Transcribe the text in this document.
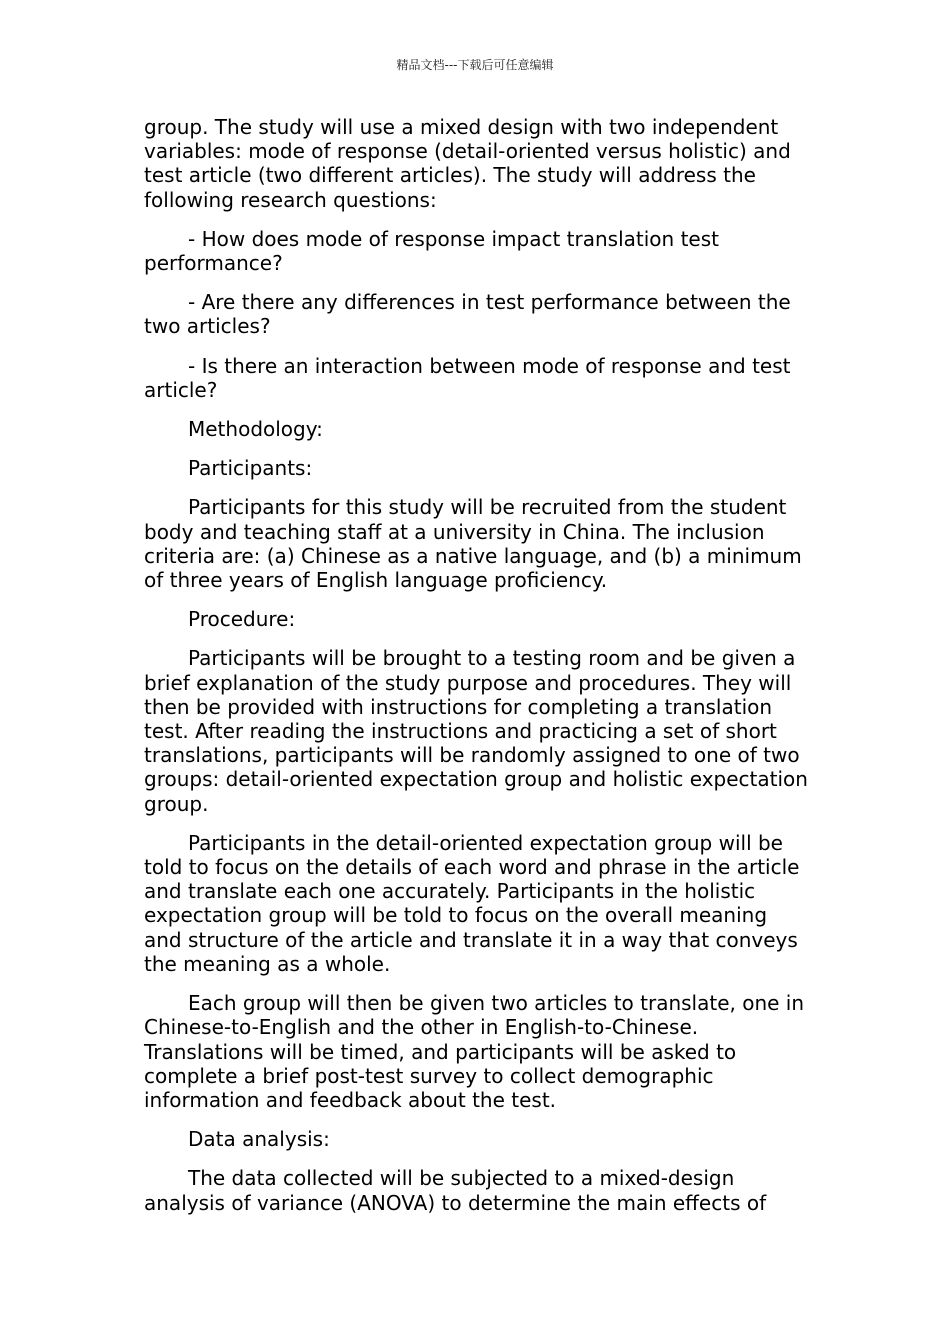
精品文档---下载后可任意编辑

group. The study will use a mixed design with two independent variables: mode of response (detail-oriented versus holistic) and test article (two different articles). The study will address the following research questions:

- How does mode of response impact translation test performance?

- Are there any differences in test performance between the two articles?

- Is there an interaction between mode of response and test article?

Methodology:

Participants:

Participants for this study will be recruited from the student body and teaching staff at a university in China. The inclusion criteria are: (a) Chinese as a native language, and (b) a minimum of three years of English language proficiency.

Procedure:

Participants will be brought to a testing room and be given a brief explanation of the study purpose and procedures. They will then be provided with instructions for completing a translation test. After reading the instructions and practicing a set of short translations, participants will be randomly assigned to one of two groups: detail-oriented expectation group and holistic expectation group.

Participants in the detail-oriented expectation group will be told to focus on the details of each word and phrase in the article and translate each one accurately. Participants in the holistic expectation group will be told to focus on the overall meaning and structure of the article and translate it in a way that conveys the meaning as a whole.

Each group will then be given two articles to translate, one in Chinese-to-English and the other in English-to-Chinese. Translations will be timed, and participants will be asked to complete a brief post-test survey to collect demographic information and feedback about the test.

Data analysis:

The data collected will be subjected to a mixed-design analysis of variance (ANOVA) to determine the main effects of
